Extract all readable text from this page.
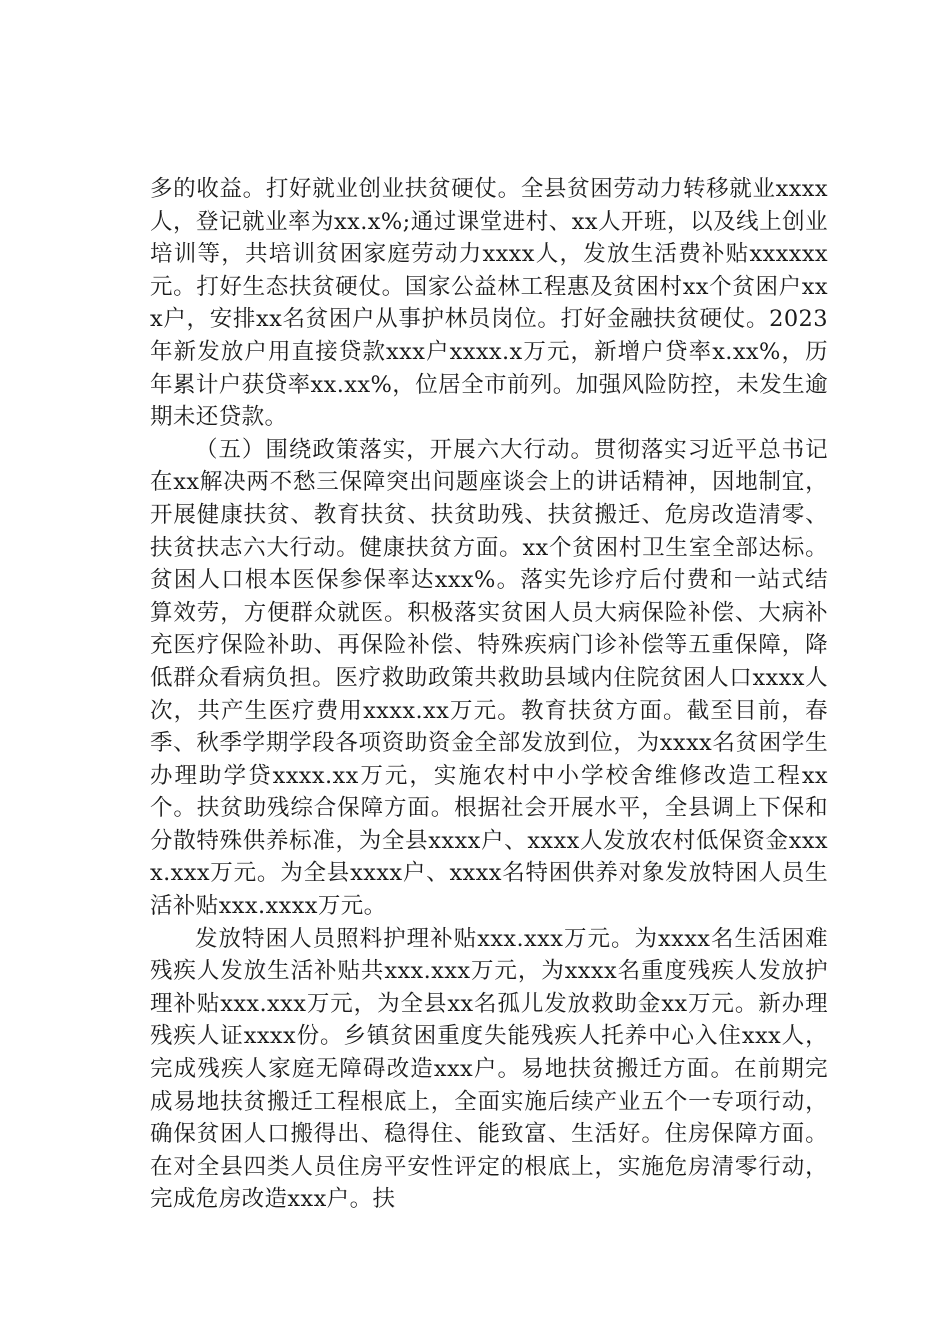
多的收益。打好就业创业扶贫硬仗。全县贫困劳动力转移就业xxxx人，登记就业率为xx.x%;通过课堂进村、xx人开班，以及线上创业培训等，共培训贫困家庭劳动力xxxx人，发放生活费补贴xxxxxx元。打好生态扶贫硬仗。国家公益林工程惠及贫困村xx个贫困户xxx户，安排xx名贫困户从事护林员岗位。打好金融扶贫硬仗。2023年新发放户用直接贷款xxx户xxxx.x万元，新增户贷率x.xx%，历年累计户获贷率xx.xx%，位居全市前列。加强风险防控，未发生逾期未还贷款。

（五）围绕政策落实，开展六大行动。贯彻落实习近平总书记在xx解决两不愁三保障突出问题座谈会上的讲话精神，因地制宜，开展健康扶贫、教育扶贫、扶贫助残、扶贫搬迁、危房改造清零、扶贫扶志六大行动。健康扶贫方面。xx个贫困村卫生室全部达标。贫困人口根本医保参保率达xxx%。落实先诊疗后付费和一站式结算效劳，方便群众就医。积极落实贫困人员大病保险补偿、大病补充医疗保险补助、再保险补偿、特殊疾病门诊补偿等五重保障，降低群众看病负担。医疗救助政策共救助县域内住院贫困人口xxxx人次，共产生医疗费用xxxx.xx万元。教育扶贫方面。截至目前，春季、秋季学期学段各项资助资金全部发放到位，为xxxx名贫困学生办理助学贷xxxx.xx万元，实施农村中小学校舍维修改造工程xx个。扶贫助残综合保障方面。根据社会开展水平，全县调上下保和分散特殊供养标准，为全县xxxx户、xxxx人发放农村低保资金xxxx.xxx万元。为全县xxxx户、xxxx名特困供养对象发放特困人员生活补贴xxx.xxxx万元。

发放特困人员照料护理补贴xxx.xxx万元。为xxxx名生活困难残疾人发放生活补贴共xxx.xxx万元，为xxxx名重度残疾人发放护理补贴xxx.xxx万元，为全县xx名孤儿发放救助金xx万元。新办理残疾人证xxxx份。乡镇贫困重度失能残疾人托养中心入住xxx人，完成残疾人家庭无障碍改造xxx户。易地扶贫搬迁方面。在前期完成易地扶贫搬迁工程根底上，全面实施后续产业五个一专项行动，确保贫困人口搬得出、稳得住、能致富、生活好。住房保障方面。在对全县四类人员住房平安性评定的根底上，实施危房清零行动，完成危房改造xxx户。扶
